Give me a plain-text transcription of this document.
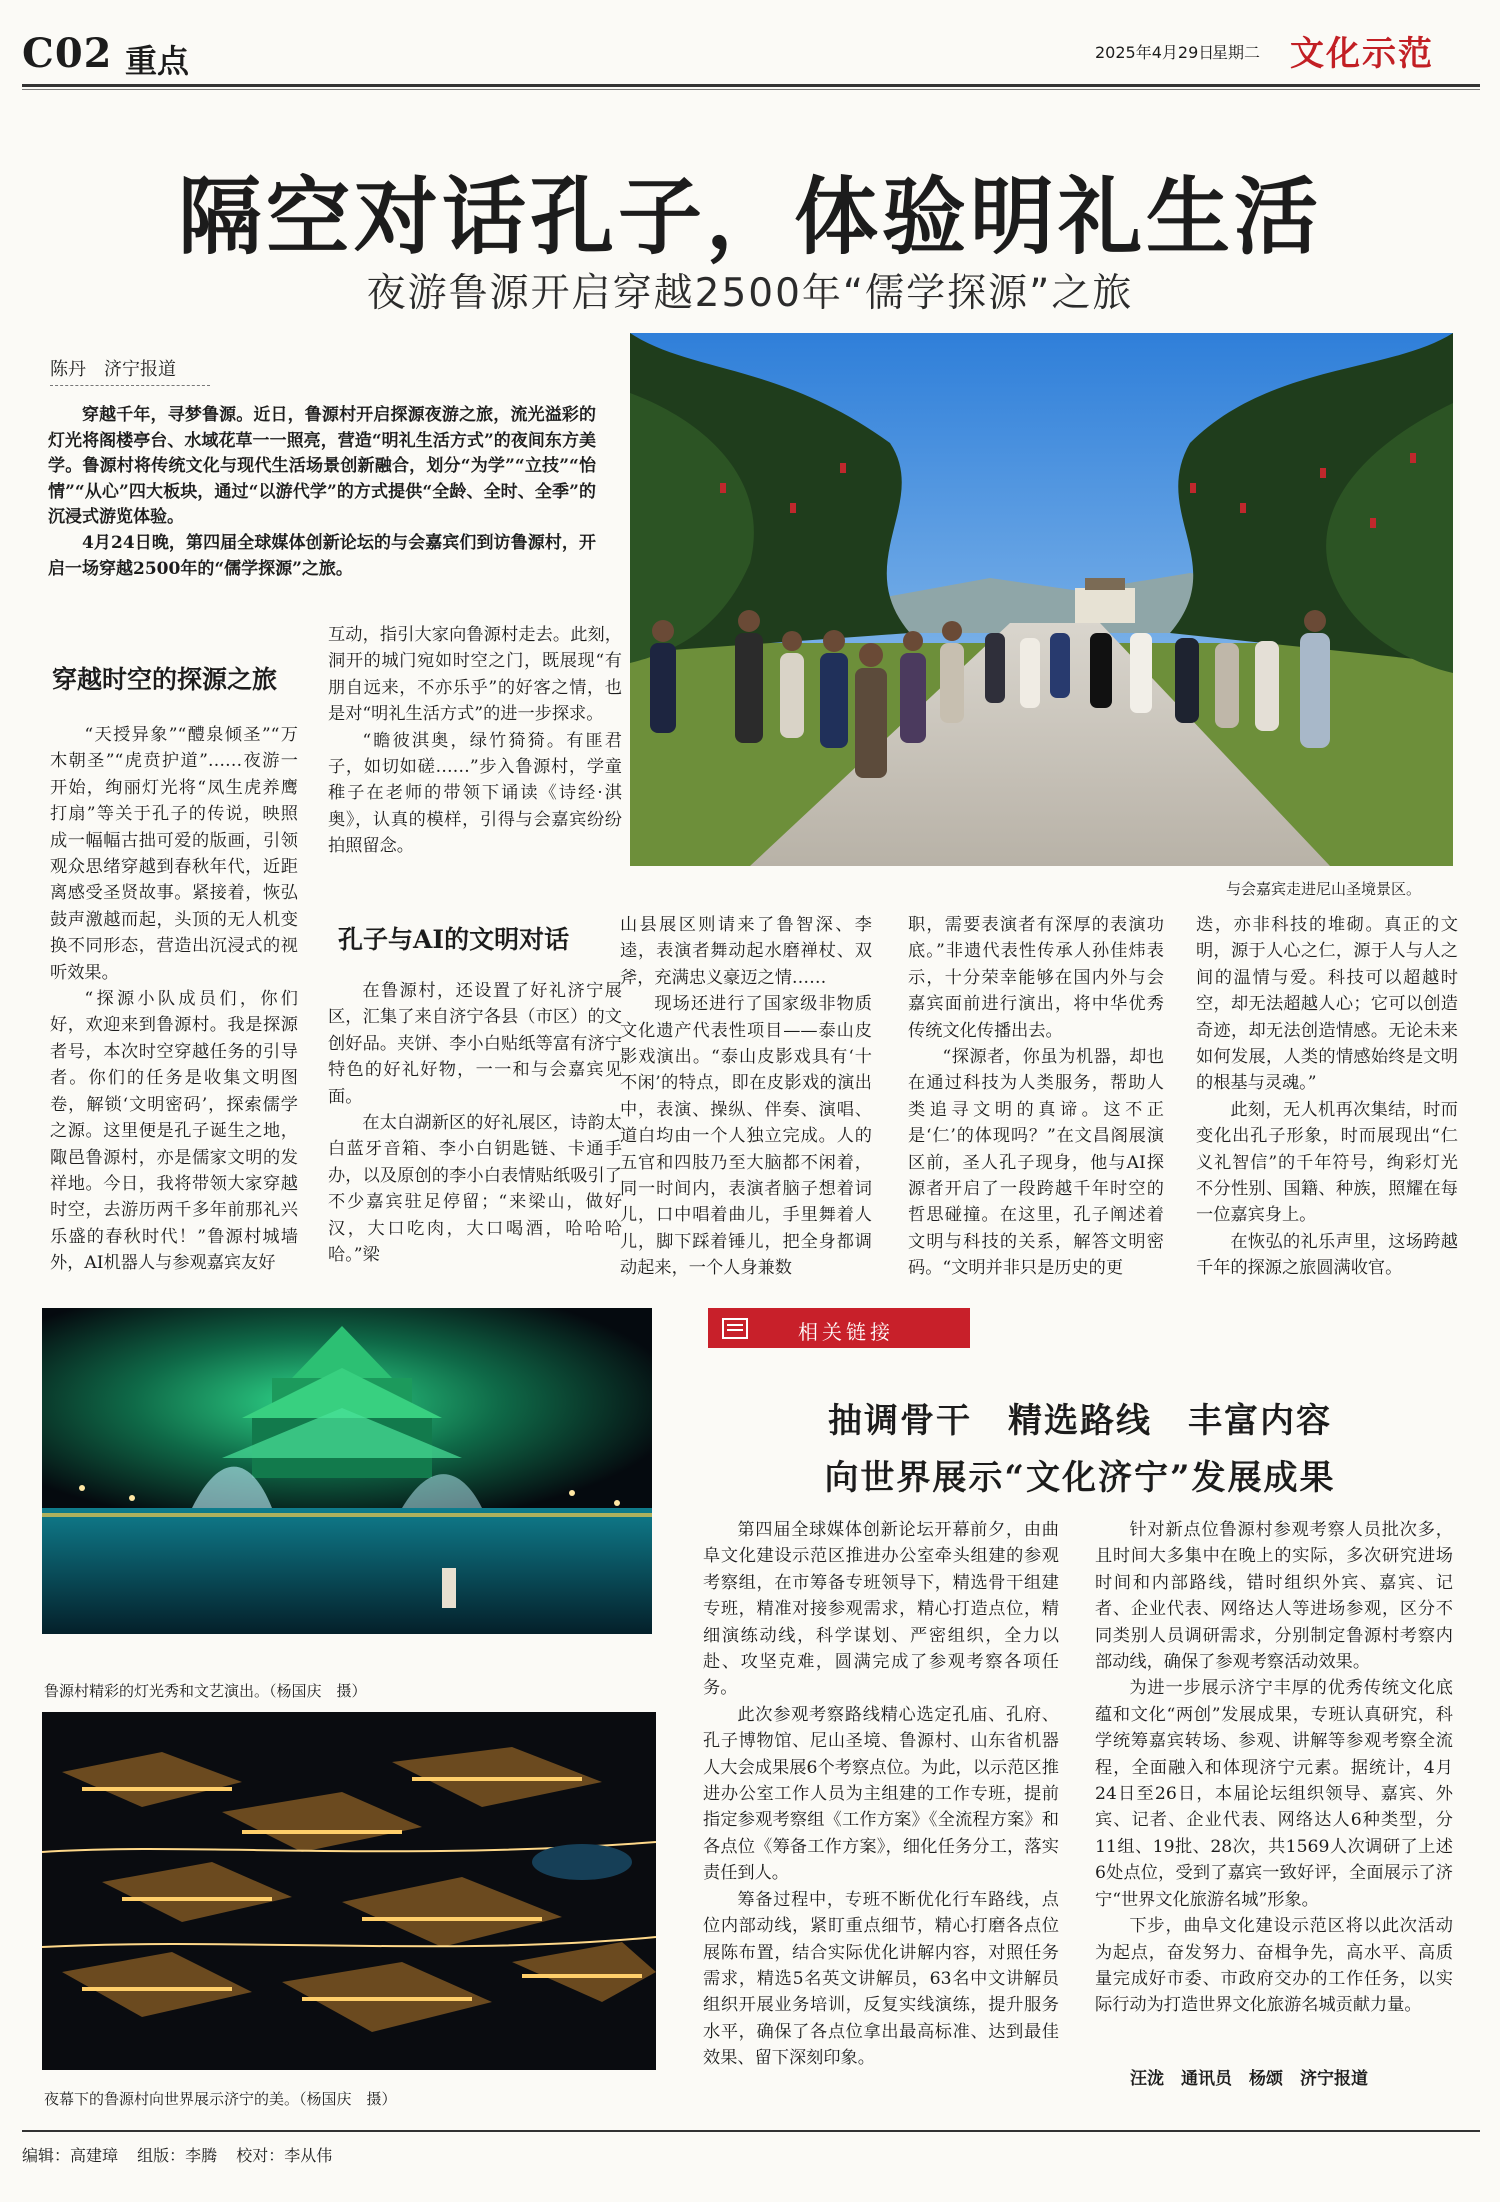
C02 重点	2025年4月29日
星期二 文化示范
隔空对话孔子，体验明礼生活
夜游鲁源开启穿越2500年“儒学探源”之旅
陈丹　济宁报道

穿越千年，寻梦鲁源。近日，鲁源村开启探源夜游之旅，流光溢彩的灯光将阁楼亭台、水域花草一一照亮，营造“明礼生活方式”的夜间东方美学。鲁源村将传统文化与现代生活场景创新融合，划分“为学”“立技”“怡情”“从心”四大板块，通过“以游代学”的方式提供“全龄、全时、全季”的沉浸式游览体验。

4月24日晚，第四届全球媒体创新论坛的与会嘉宾们到访鲁源村，开启一场穿越2500年的“儒学探源”之旅。

与会嘉宾走进尼山圣境景区。
穿越时空的探源之旅

“天授异象”“醴泉倾圣”“万木朝圣”“虎贲护道”……夜游一开始，绚丽灯光将“凤生虎养鹰打扇”等关于孔子的传说，映照成一幅幅古拙可爱的版画，引领观众思绪穿越到春秋年代，近距离感受圣贤故事。紧接着，恢弘鼓声激越而起，头顶的无人机变换不同形态，营造出沉浸式的视听效果。

“探源小队成员们，你们好，欢迎来到鲁源村。我是探源者号，本次时空穿越任务的引导者。你们的任务是收集文明图卷，解锁‘文明密码’，探索儒学之源。这里便是孔子诞生之地，陬邑鲁源村，亦是儒家文明的发祥地。今日，我将带领大家穿越时空，去游历两千多年前那礼兴乐盛的春秋时代！”鲁源村城墙外，AI机器人与参观嘉宾友好

互动，指引大家向鲁源村走去。此刻，洞开的城门宛如时空之门，既展现“有朋自远来，不亦乐乎”的好客之情，也是对“明礼生活方式”的进一步探求。

“瞻彼淇奥，绿竹猗猗。有匪君子，如切如磋……”步入鲁源村，学童稚子在老师的带领下诵读《诗经·淇奥》，认真的模样，引得与会嘉宾纷纷拍照留念。

孔子与AI的文明对话

在鲁源村，还设置了好礼济宁展区，汇集了来自济宁各县（市区）的文创好品。夹饼、李小白贴纸等富有济宁特色的好礼好物，一一和与会嘉宾见面。

在太白湖新区的好礼展区，诗韵太白蓝牙音箱、李小白钥匙链、卡通手办，以及原创的李小白表情贴纸吸引了不少嘉宾驻足停留；“来梁山，做好汉，大口吃肉，大口喝酒，哈哈哈哈。”梁

山县展区则请来了鲁智深、李逵，表演者舞动起水磨禅杖、双斧，充满忠义豪迈之情……

现场还进行了国家级非物质文化遗产代表性项目——泰山皮影戏演出。“泰山皮影戏具有‘十不闲’的特点，即在皮影戏的演出中，表演、操纵、伴奏、演唱、道白均由一个人独立完成。人的五官和四肢乃至大脑都不闲着，同一时间内，表演者脑子想着词儿，口中唱着曲儿，手里舞着人儿，脚下踩着锤儿，把全身都调动起来，一个人身兼数

职，需要表演者有深厚的表演功底。”非遗代表性传承人孙佳炜表示，十分荣幸能够在国内外与会嘉宾面前进行演出，将中华优秀传统文化传播出去。

“探源者，你虽为机器，却也在通过科技为人类服务，帮助人类追寻文明的真谛。这不正是‘仁’的体现吗？”在文昌阁展演区前，圣人孔子现身，他与AI探源者开启了一段跨越千年时空的哲思碰撞。在这里，孔子阐述着文明与科技的关系，解答文明密码。“文明并非只是历史的更

迭，亦非科技的堆砌。真正的文明，源于人心之仁，源于人与人之间的温情与爱。科技可以超越时空，却无法超越人心；它可以创造奇迹，却无法创造情感。无论未来如何发展，人类的情感始终是文明的根基与灵魂。”

此刻，无人机再次集结，时而变化出孔子形象，时而展现出“仁义礼智信”的千年符号，绚彩灯光不分性别、国籍、种族，照耀在每一位嘉宾身上。

在恢弘的礼乐声里，这场跨越千年的探源之旅圆满收官。

鲁源村精彩的灯光秀和文艺演出。（杨国庆　摄）
夜幕下的鲁源村向世界展示济宁的美。（杨国庆　摄）
相关链接
抽调骨干　精选路线　丰富内容
向世界展示“文化济宁”发展成果

第四届全球媒体创新论坛开幕前夕，由曲阜文化建设示范区推进办公室牵头组建的参观考察组，在市筹备专班领导下，精选骨干组建专班，精准对接参观需求，精心打造点位，精细演练动线，科学谋划、严密组织，全力以赴、攻坚克难，圆满完成了参观考察各项任务。

此次参观考察路线精心选定孔庙、孔府、孔子博物馆、尼山圣境、鲁源村、山东省机器人大会成果展6个考察点位。为此，以示范区推进办公室工作人员为主组建的工作专班，提前指定参观考察组《工作方案》《全流程方案》和各点位《筹备工作方案》，细化任务分工，落实责任到人。

筹备过程中，专班不断优化行车路线，点位内部动线，紧盯重点细节，精心打磨各点位展陈布置，结合实际优化讲解内容，对照任务需求，精选5名英文讲解员，63名中文讲解员组织开展业务培训，反复实线演练，提升服务水平，确保了各点位拿出最高标准、达到最佳效果、留下深刻印象。

针对新点位鲁源村参观考察人员批次多，且时间大多集中在晚上的实际，多次研究进场时间和内部路线，错时组织外宾、嘉宾、记者、企业代表、网络达人等进场参观，区分不同类别人员调研需求，分别制定鲁源村考察内部动线，确保了参观考察活动效果。

为进一步展示济宁丰厚的优秀传统文化底蕴和文化“两创”发展成果，专班认真研究，科学统筹嘉宾转场、参观、讲解等参观考察全流程，全面融入和体现济宁元素。据统计，4月24日至26日，本届论坛组织领导、嘉宾、外宾、记者、企业代表、网络达人6种类型，分11组、19批、28次，共1569人次调研了上述6处点位，受到了嘉宾一致好评，全面展示了济宁“世界文化旅游名城”形象。

下步，曲阜文化建设示范区将以此次活动为起点，奋发努力、奋楫争先，高水平、高质量完成好市委、市政府交办的工作任务，以实际行动为打造世界文化旅游名城贡献力量。

汪泷　通讯员　杨颂　济宁报道
编辑：高建璋 组版：李腾 校对：李从伟
